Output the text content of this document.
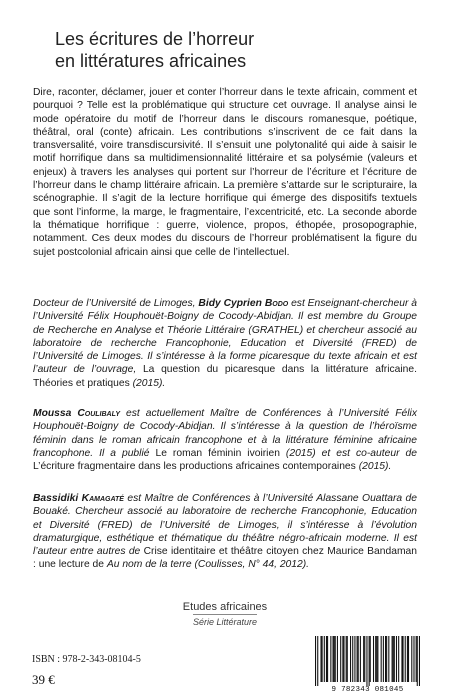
Les écritures de l’horreur
en littératures africaines

Dire, raconter, déclamer, jouer et conter l’horreur dans le texte africain, comment et pourquoi ? Telle est la problématique qui structure cet ouvrage. Il analyse ainsi le mode opératoire du motif de l’horreur dans le discours romanesque, poétique, théâtral, oral (conte) africain. Les contributions s’inscrivent de ce fait dans la transversalité, voire transdiscursivité. Il s’ensuit une polytonalité qui aide à saisir le motif horrifique dans sa multidimensionnalité littéraire et sa polysémie (valeurs et enjeux) à travers les analyses qui portent sur l’horreur de l’écriture et l’écriture de l’horreur dans le champ littéraire africain. La première s’attarde sur le scripturaire, la scénographie. Il s’agit de la lecture horrifique qui émerge des dispositifs textuels que sont l’informe, la marge, le fragmentaire, l’excentricité, etc. La seconde aborde la thématique horrifique : guerre, violence, propos, éthopée, prosopographie, notamment. Ces deux modes du discours de l’horreur problématisent la figure du sujet postcolonial africain ainsi que celle de l’intellectuel.

Docteur de l’Université de Limoges, Bidy Cyprien Bodo est Enseignant-chercheur à l’Université Félix Houphouët-Boigny de Cocody-Abidjan. Il est membre du Groupe de Recherche en Analyse et Théorie Littéraire (GRATHEL) et chercheur associé au laboratoire de recherche Francophonie, Education et Diversité (FRED) de l’Université de Limoges. Il s’intéresse à la forme picaresque du texte africain et est l’auteur de l’ouvrage, La question du picaresque dans la littérature africaine. Théories et pratiques (2015).

Moussa Coulibaly est actuellement Maître de Conférences à l’Université Félix Houphouët-Boigny de Cocody-Abidjan. Il s’intéresse à la question de l’héroïsme féminin dans le roman africain francophone et à la littérature féminine africaine francophone. Il a publié Le roman féminin ivoirien (2015) et est co-auteur de L’écriture fragmentaire dans les productions africaines contemporaines (2015).

Bassidiki Kamagaté est Maître de Conférences à l’Université Alassane Ouattara de Bouaké. Chercheur associé au laboratoire de recherche Francophonie, Education et Diversité (FRED) de l’Université de Limoges, il s’intéresse à l’évolution dramaturgique, esthétique et thématique du théâtre négro-africain moderne. Il est l’auteur entre autres de Crise identitaire et théâtre citoyen chez Maurice Bandaman : une lecture de Au nom de la terre (Coulisses, N° 44, 2012).

Etudes africaines
Série Littérature
ISBN : 978-2-343-08104-5
39 €
9 782343 081045
